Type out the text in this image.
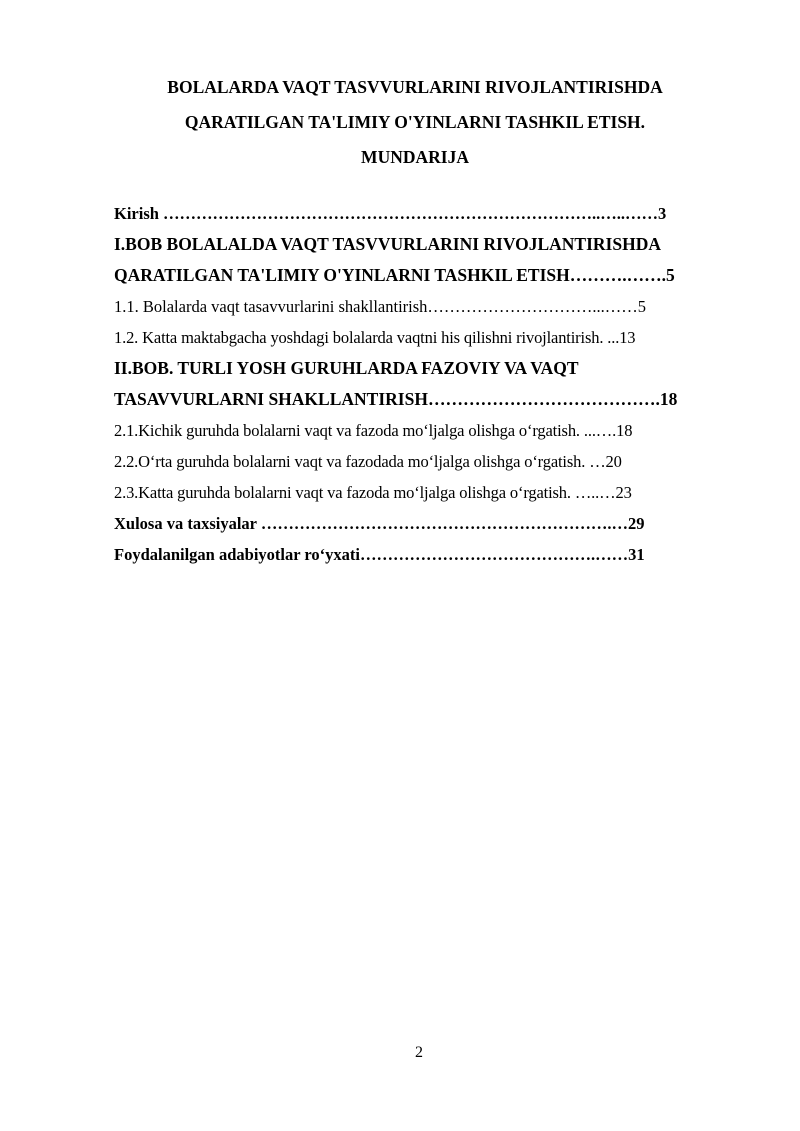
BOLALARDA VAQT TASVVURLARINI RIVOJLANTIRISHDA
QARATILGAN TA'LIMIY O'YINLARNI TASHKIL ETISH.
MUNDARIJA
Kirish ……………………………………………………………………..…..……3
I.BOB BOLALALDA VAQT TASVVURLARINI RIVOJLANTIRISHDA
QARATILGAN TA'LIMIY O'YINLARNI TASHKIL ETISH……….…….5
1.1. Bolalarda vaqt tasavvurlarini shakllantirish…………………………...……5
1.2. Katta maktabgacha yoshdagi bolalarda vaqtni his qilishni rivojlantirish. ...13
II.BOB. TURLI YOSH GURUHLARDA FAZOVIY VA VAQT
TASAVVURLARNI SHAKLLANTIRISH………………………………….18
2.1.Kichik guruhda bolalarni vaqt va fazoda mo‘ljalga olishga o‘rgatish. ...….18
2.2.O‘rta guruhda bolalarni vaqt va fazodada mo‘ljalga olishga o‘rgatish. …20
2.3.Katta guruhda bolalarni vaqt va fazoda mo‘ljalga olishga o‘rgatish. …..…23
Xulosa va taxsiyalar ……………………………………………………….…29
Foydalanilgan adabiyotlar ro‘yxati…………………………………….……31
2
